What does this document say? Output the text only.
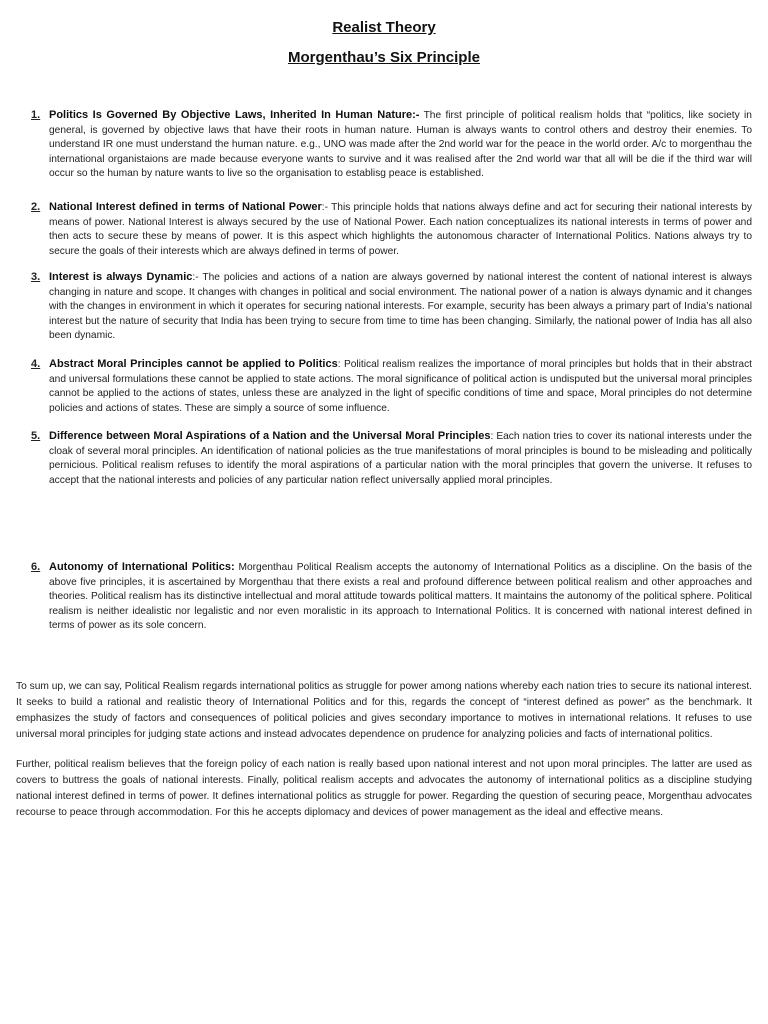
Realist Theory
Morgenthau’s Six Principle
1. Politics Is Governed By Objective Laws, Inherited In Human Nature:- The first principle of political realism holds that “politics, like society in general, is governed by objective laws that have their roots in human nature. Human is always wants to control others and destroy their enemies. To understand IR one must understand the human nature. e.g., UNO was made after the 2nd world war for the peace in the world order. A/c to morgenthau the international organistaions are made because everyone wants to survive and it was realised after the 2nd world war that all will be die if the third war will occur so the human by nature wants to live so the organisation to establisg peace is established.
2. National Interest defined in terms of National Power:- This principle holds that nations always define and act for securing their national interests by means of power. National Interest is always secured by the use of National Power. Each nation conceptualizes its national interests in terms of power and then acts to secure these by means of power. It is this aspect which highlights the autonomous character of International Politics. Nations always try to secure the goals of their interests which are always defined in terms of power.
3. Interest is always Dynamic:- The policies and actions of a nation are always governed by national interest the content of national interest is always changing in nature and scope. It changes with changes in political and social environment. The national power of a nation is always dynamic and it changes with the changes in environment in which it operates for securing national interests. For example, security has been always a primary part of India’s national interest but the nature of security that India has been trying to secure from time to time has been changing. Similarly, the national power of India has all also been dynamic.
4. Abstract Moral Principles cannot be applied to Politics: Political realism realizes the importance of moral principles but holds that in their abstract and universal formulations these cannot be applied to state actions. The moral significance of political action is undisputed but the universal moral principles cannot be applied to the actions of states, unless these are analyzed in the light of specific conditions of time and space, Moral principles do not determine policies and actions of states. These are simply a source of some influence.
5. Difference between Moral Aspirations of a Nation and the Universal Moral Principles: Each nation tries to cover its national interests under the cloak of several moral principles. An identification of national policies as the true manifestations of moral principles is bound to be misleading and politically pernicious. Political realism refuses to identify the moral aspirations of a particular nation with the moral principles that govern the universe. It refuses to accept that the national interests and policies of any particular nation reflect universally applied moral principles.
6. Autonomy of International Politics: Morgenthau Political Realism accepts the autonomy of International Politics as a discipline. On the basis of the above five principles, it is ascertained by Morgenthau that there exists a real and profound difference between political realism and other approaches and theories. Political realism has its distinctive intellectual and moral attitude towards political matters. It maintains the autonomy of the political sphere. Political realism is neither idealistic nor legalistic and nor even moralistic in its approach to International Politics. It is concerned with national interest defined in terms of power as its sole concern.
To sum up, we can say, Political Realism regards international politics as struggle for power among nations whereby each nation tries to secure its national interest. It seeks to build a rational and realistic theory of International Politics and for this, regards the concept of “interest defined as power” as the benchmark. It emphasizes the study of factors and consequences of political policies and gives secondary importance to motives in international relations. It refuses to use universal moral principles for judging state actions and instead advocates dependence on prudence for analyzing policies and facts of international politics.
Further, political realism believes that the foreign policy of each nation is really based upon national interest and not upon moral principles. The latter are used as covers to buttress the goals of national interests. Finally, political realism accepts and advocates the autonomy of international politics as a discipline studying national interest defined in terms of power. It defines international politics as struggle for power. Regarding the question of securing peace, Morgenthau advocates recourse to peace through accommodation. For this he accepts diplomacy and devices of power management as the ideal and effective means.
